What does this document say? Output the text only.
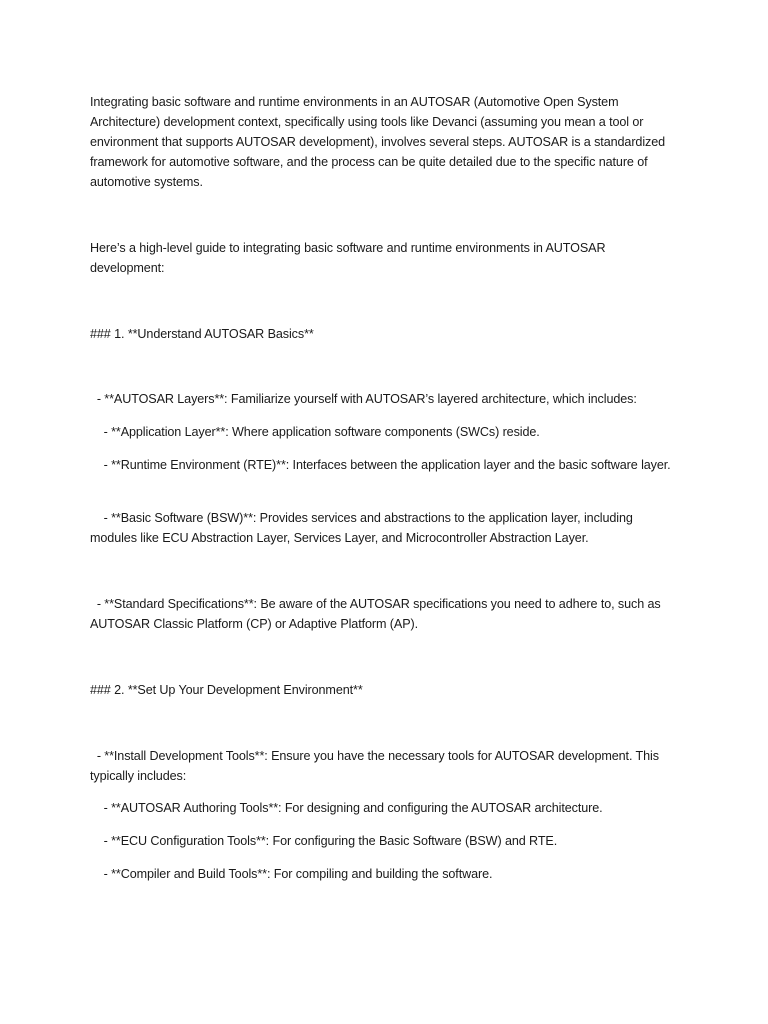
Integrating basic software and runtime environments in an AUTOSAR (Automotive Open System Architecture) development context, specifically using tools like Devanci (assuming you mean a tool or environment that supports AUTOSAR development), involves several steps. AUTOSAR is a standardized framework for automotive software, and the process can be quite detailed due to the specific nature of automotive systems.

Here’s a high-level guide to integrating basic software and runtime environments in AUTOSAR development:

### 1. **Understand AUTOSAR Basics**

- **AUTOSAR Layers**: Familiarize yourself with AUTOSAR’s layered architecture, which includes:

- **Application Layer**: Where application software components (SWCs) reside.

- **Runtime Environment (RTE)**: Interfaces between the application layer and the basic software layer.

- **Basic Software (BSW)**: Provides services and abstractions to the application layer, including modules like ECU Abstraction Layer, Services Layer, and Microcontroller Abstraction Layer.

- **Standard Specifications**: Be aware of the AUTOSAR specifications you need to adhere to, such as AUTOSAR Classic Platform (CP) or Adaptive Platform (AP).

### 2. **Set Up Your Development Environment**

- **Install Development Tools**: Ensure you have the necessary tools for AUTOSAR development. This typically includes:

- **AUTOSAR Authoring Tools**: For designing and configuring the AUTOSAR architecture.

- **ECU Configuration Tools**: For configuring the Basic Software (BSW) and RTE.

- **Compiler and Build Tools**: For compiling and building the software.
